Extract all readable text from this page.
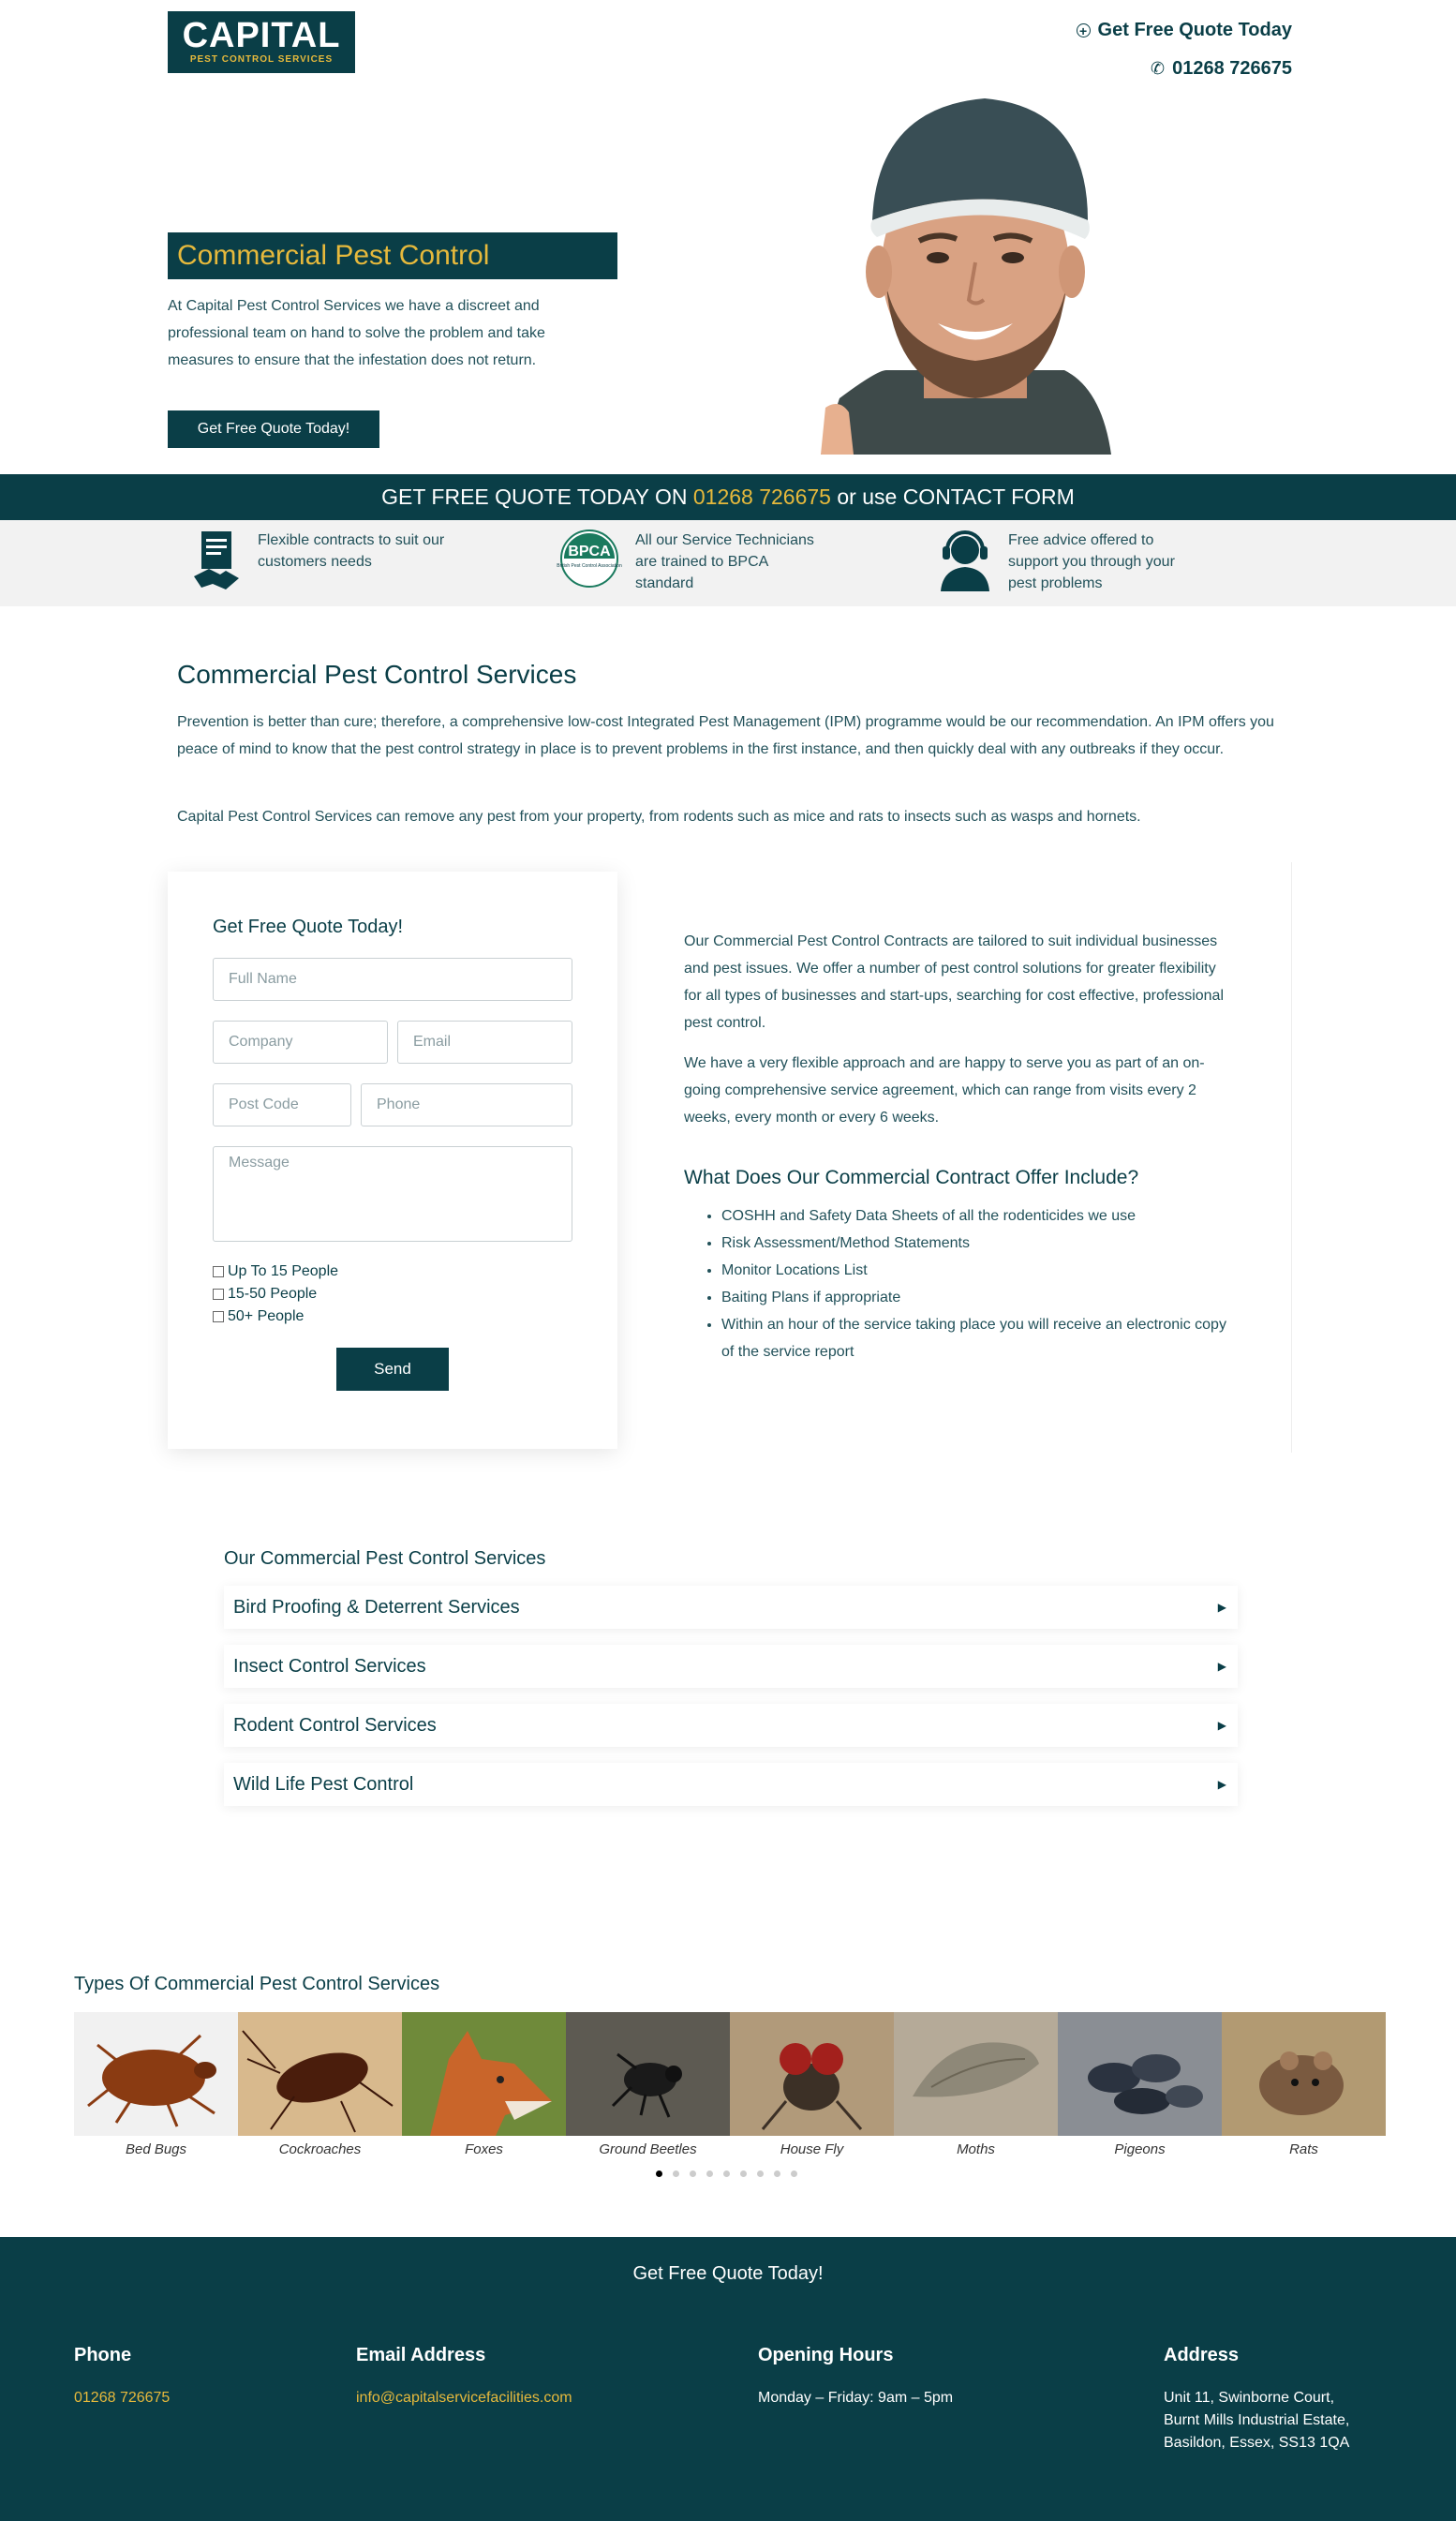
CAPITAL
PEST CONTROL SERVICES
+ Get Free Quote Today
✆ 01268 726675
Commercial Pest Control
At Capital Pest Control Services we have a discreet and professional team on hand to solve the problem and take measures to ensure that the infestation does not return.
Get Free Quote Today!
GET FREE QUOTE TODAY ON 01268 726675 or use CONTACT FORM
Flexible contracts to suit our customers needs
BPCA
British Pest Control Association
All our Service Technicians are trained to BPCA standard
Free advice offered to support you through your pest problems
Commercial Pest Control Services

Prevention is better than cure; therefore, a comprehensive low-cost Integrated Pest Management (IPM) programme would be our recommendation. An IPM offers you peace of mind to know that the pest control strategy in place is to prevent problems in the first instance, and then quickly deal with any outbreaks if they occur.

Capital Pest Control Services can remove any pest from your property, from rodents such as mice and rats to insects such as wasps and hornets.

Get Free Quote Today!
Full Name
Company	Email
Post Code	Phone
Message
Up To 15 People
15-50 People
50+ People
Send

Our Commercial Pest Control Contracts are tailored to suit individual businesses and pest issues. We offer a number of pest control solutions for greater flexibility for all types of businesses and start-ups, searching for cost effective, professional pest control.

We have a very flexible approach and are happy to serve you as part of an on-going comprehensive service agreement, which can range from visits every 2 weeks, every month or every 6 weeks.

What Does Our Commercial Contract Offer Include?
• COSHH and Safety Data Sheets of all the rodenticides we use
• Risk Assessment/Method Statements
• Monitor Locations List
• Baiting Plans if appropriate
• Within an hour of the service taking place you will receive an electronic copy of the service report
Our Commercial Pest Control Services
Bird Proofing & Deterrent Services	▶
Insect Control Services	▶
Rodent Control Services	▶
Wild Life Pest Control	▶
Types Of Commercial Pest Control Services
Bed Bugs	Cockroaches	Foxes	Ground Beetles	House Fly	Moths	Pigeons	Rats
Get Free Quote Today!
Phone
01268 726675
Email Address
info@capitalservicefacilities.com
Opening Hours
Monday – Friday: 9am – 5pm
Address
Unit 11, Swinborne Court,
Burnt Mills Industrial Estate,
Basildon, Essex, SS13 1QA
